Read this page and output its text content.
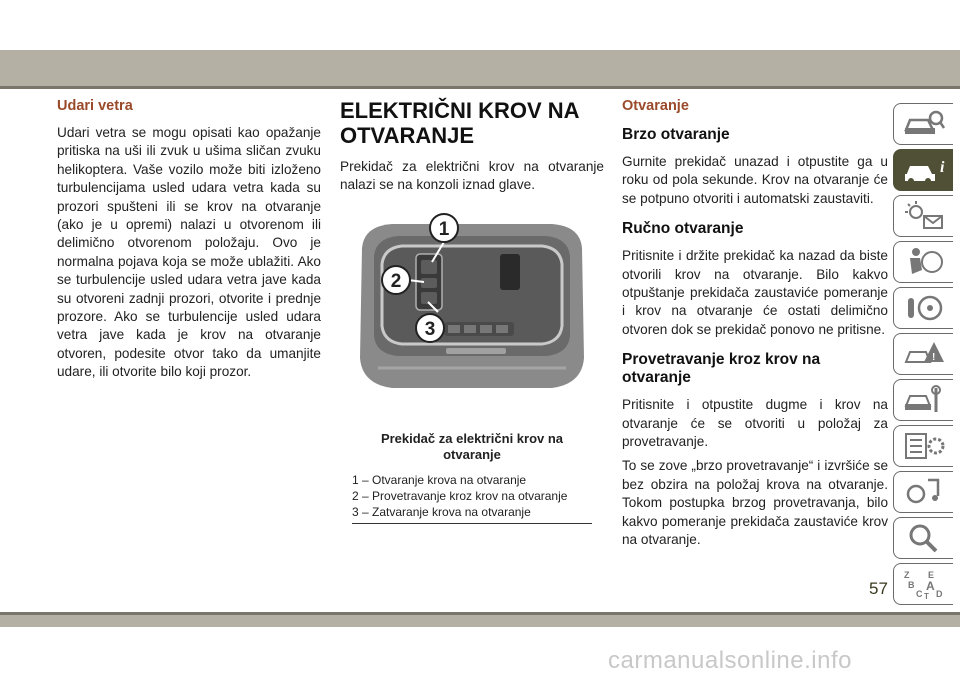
Udari vetra

Udari vetra se mogu opisati kao opažanje pritiska na uši ili zvuk u ušima sličan zvuku helikoptera. Vaše vozilo može biti izloženo turbulencijama usled udara vetra kada su prozori spušteni ili se krov na otvaranje (ako je u opremi) nalazi u otvorenom ili delimično otvorenom položaju. Ovo je normalna pojava koja se može ublažiti. Ako se turbulencije usled udara vetra jave kada su otvoreni zadnji prozori, otvorite i prednje prozore. Ako se turbulencije usled udara vetra jave kada je krov na otvaranje otvoren, podesite otvor tako da umanjite udare, ili otvorite bilo koji prozor.

ELEKTRIČNI KROV NA
OTVARANJE

Prekidač za električni krov na otvaranje nalazi se na konzoli iznad glave.

1
2
3
Prekidač za električni krov na
otvaranje
1 – Otvaranje krova na otvaranje
2 – Provetravanje kroz krov na otvaranje
3 – Zatvaranje krova na otvaranje
Otvaranje
Brzo otvaranje

Gurnite prekidač unazad i otpustite ga u roku od pola sekunde. Krov na otvaranje će se potpuno otvoriti i automatski zaustaviti.

Ručno otvaranje

Pritisnite i držite prekidač ka nazad da biste otvorili krov na otvaranje. Bilo kakvo otpuštanje prekidača zaustaviće pomeranje i krov na otvaranje će ostati delimično otvoren dok se prekidač ponovo ne pritisne.

Provetravanje kroz krov na otvaranje

Pritisnite i otpustite dugme i krov na otvaranje će se otvoriti u položaj za provetravanje.

To se zove „brzo provetravanje“ i izvršiće se bez obzira na položaj krova na otvaranje. Tokom postupka brzog provetravanja, bilo kakvo pomeranje prekidača zaustaviće krov na otvaranje.

i
!
Z E
B A
C D
T
57
carmanualsonline.info
